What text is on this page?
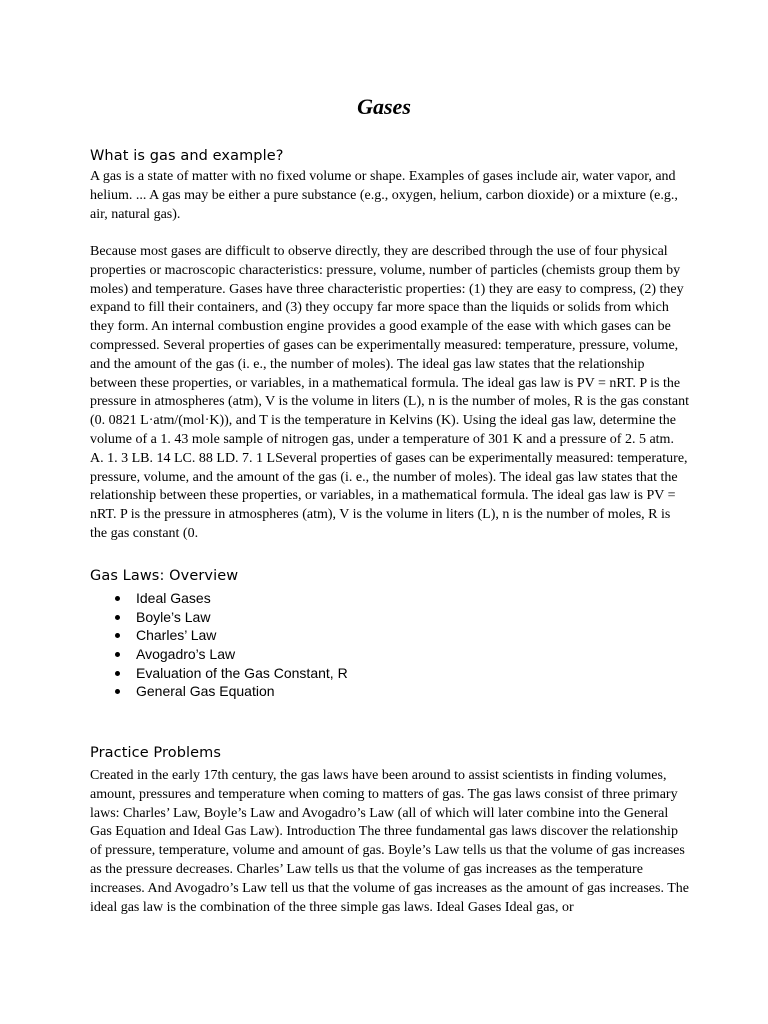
Gases
What is gas and example?

A gas is a state of matter with no fixed volume or shape. Examples of gases include air, water vapor, and helium. ... A gas may be either a pure substance (e.g., oxygen, helium, carbon dioxide) or a mixture (e.g., air, natural gas).

Because most gases are difficult to observe directly, they are described through the use of four physical properties or macroscopic characteristics: pressure, volume, number of particles (chemists group them by moles) and temperature. Gases have three characteristic properties: (1) they are easy to compress, (2) they expand to fill their containers, and (3) they occupy far more space than the liquids or solids from which they form. An internal combustion engine provides a good example of the ease with which gases can be compressed. Several properties of gases can be experimentally measured: temperature, pressure, volume, and the amount of the gas (i. e., the number of moles). The ideal gas law states that the relationship between these properties, or variables, in a mathematical formula. The ideal gas law is PV = nRT. P is the pressure in atmospheres (atm), V is the volume in liters (L), n is the number of moles, R is the gas constant (0. 0821 L·atm/(mol·K)), and T is the temperature in Kelvins (K). Using the ideal gas law, determine the volume of a 1. 43 mole sample of nitrogen gas, under a temperature of 301 K and a pressure of 2. 5 atm. A. 1. 3 LB. 14 LC. 88 LD. 7. 1 LSeveral properties of gases can be experimentally measured: temperature, pressure, volume, and the amount of the gas (i. e., the number of moles). The ideal gas law states that the relationship between these properties, or variables, in a mathematical formula. The ideal gas law is PV = nRT. P is the pressure in atmospheres (atm), V is the volume in liters (L), n is the number of moles, R is the gas constant (0.

Gas Laws: Overview
Ideal Gases
Boyle’s Law
Charles’ Law
Avogadro’s Law
Evaluation of the Gas Constant, R
General Gas Equation
Practice Problems

Created in the early 17th century, the gas laws have been around to assist scientists in finding volumes, amount, pressures and temperature when coming to matters of gas. The gas laws consist of three primary laws: Charles’ Law, Boyle’s Law and Avogadro’s Law (all of which will later combine into the General Gas Equation and Ideal Gas Law). Introduction The three fundamental gas laws discover the relationship of pressure, temperature, volume and amount of gas. Boyle’s Law tells us that the volume of gas increases as the pressure decreases. Charles’ Law tells us that the volume of gas increases as the temperature increases. And Avogadro’s Law tell us that the volume of gas increases as the amount of gas increases. The ideal gas law is the combination of the three simple gas laws. Ideal Gases Ideal gas, or
